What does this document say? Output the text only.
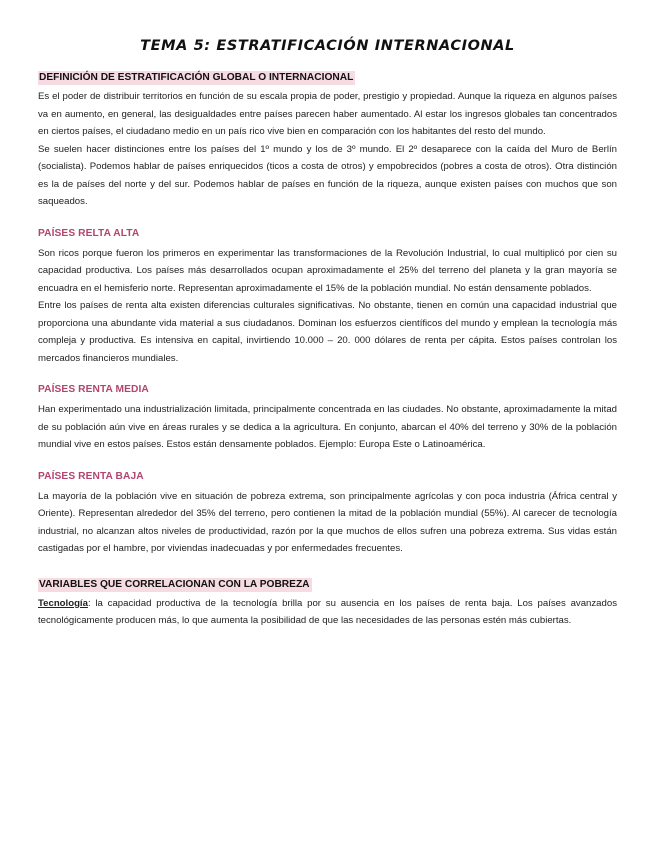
TEMA 5: ESTRATIFICACIÓN INTERNACIONAL
DEFINICIÓN DE ESTRATIFICACIÓN GLOBAL O INTERNACIONAL

Es el poder de distribuir territorios en función de su escala propia de poder, prestigio y propiedad. Aunque la riqueza en algunos países va en aumento, en general, las desigualdades entre países parecen haber aumentado. Al estar los ingresos globales tan concentrados en ciertos países, el ciudadano medio en un país rico vive bien en comparación con los habitantes del resto del mundo.

Se suelen hacer distinciones entre los países del 1º mundo y los de 3º mundo. El 2º desaparece con la caída del Muro de Berlín (socialista). Podemos hablar de países enriquecidos (ticos a costa de otros) y empobrecidos (pobres a costa de otros). Otra distinción es la de países del norte y del sur. Podemos hablar de países en función de la riqueza, aunque existen países con muchos que son saqueados.

PAÍSES RELTA ALTA

Son ricos porque fueron los primeros en experimentar las transformaciones de la Revolución Industrial, lo cual multiplicó por cien su capacidad productiva. Los países más desarrollados ocupan aproximadamente el 25% del terreno del planeta y la gran mayoría se encuadra en el hemisferio norte. Representan aproximadamente el 15% de la población mundial. No están densamente poblados.

Entre los países de renta alta existen diferencias culturales significativas. No obstante, tienen en común una capacidad industrial que proporciona una abundante vida material a sus ciudadanos. Dominan los esfuerzos científicos del mundo y emplean la tecnología más compleja y productiva. Es intensiva en capital, invirtiendo 10.000 – 20. 000 dólares de renta per cápita. Estos países controlan los mercados financieros mundiales.

PAÍSES RENTA MEDIA

Han experimentado una industrialización limitada, principalmente concentrada en las ciudades. No obstante, aproximadamente la mitad de su población aún vive en áreas rurales y se dedica a la agricultura. En conjunto, abarcan el 40% del terreno y 30% de la población mundial vive en estos países. Estos están densamente poblados. Ejemplo: Europa Este o Latinoamérica.

PAÍSES RENTA BAJA

La mayoría de la población vive en situación de pobreza extrema, son principalmente agrícolas y con poca industria (África central y Oriente). Representan alrededor del 35% del terreno, pero contienen la mitad de la población mundial (55%). Al carecer de tecnología industrial, no alcanzan altos niveles de productividad, razón por la que muchos de ellos sufren una pobreza extrema. Sus vidas están castigadas por el hambre, por viviendas inadecuadas y por enfermedades frecuentes.

VARIABLES QUE CORRELACIONAN CON LA POBREZA

Tecnología: la capacidad productiva de la tecnología brilla por su ausencia en los países de renta baja. Los países avanzados tecnológicamente producen más, lo que aumenta la posibilidad de que las necesidades de las personas estén más cubiertas.
